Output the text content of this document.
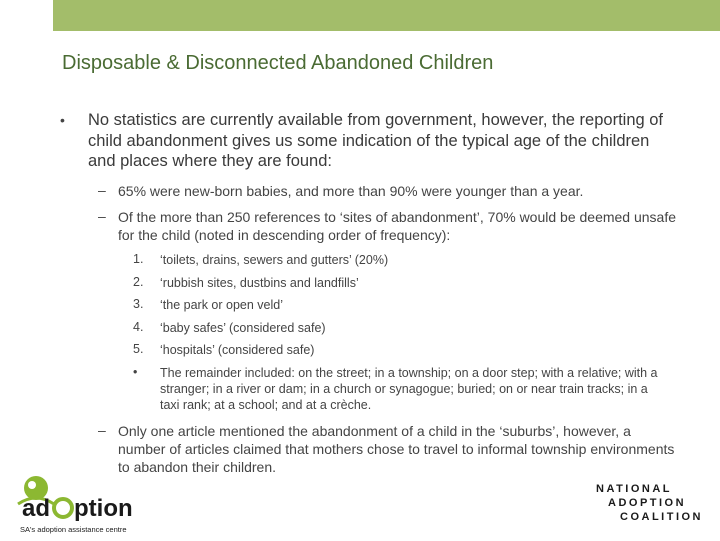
Disposable & Disconnected Abandoned Children
• No statistics are currently available from government, however, the reporting of child abandonment gives us some indication of the typical age of the children and places where they are found:
– 65% were new-born babies, and more than 90% were younger than a year.
– Of the more than 250 references to ‘sites of abandonment’, 70% would be deemed unsafe for the child (noted in descending order of frequency):
1. ‘toilets, drains, sewers and gutters’ (20%)
2. ‘rubbish sites, dustbins and landfills’
3. ‘the park or open veld’
4. ‘baby safes’ (considered safe)
5. ‘hospitals’ (considered safe)
• The remainder included: on the street; in a township; on a door step; with a relative; with a stranger; in a river or dam; in a church or synagogue; buried; on or near train tracks; in a taxi rank; at a school; and at a crèche.
– Only one article mentioned the abandonment of a child in the ‘suburbs’, however, a number of articles claimed that mothers chose to travel to informal township environments to abandon their children.
ad ption
SA's adoption assistance centre
NATIONAL
ADOPTION
COALITION
